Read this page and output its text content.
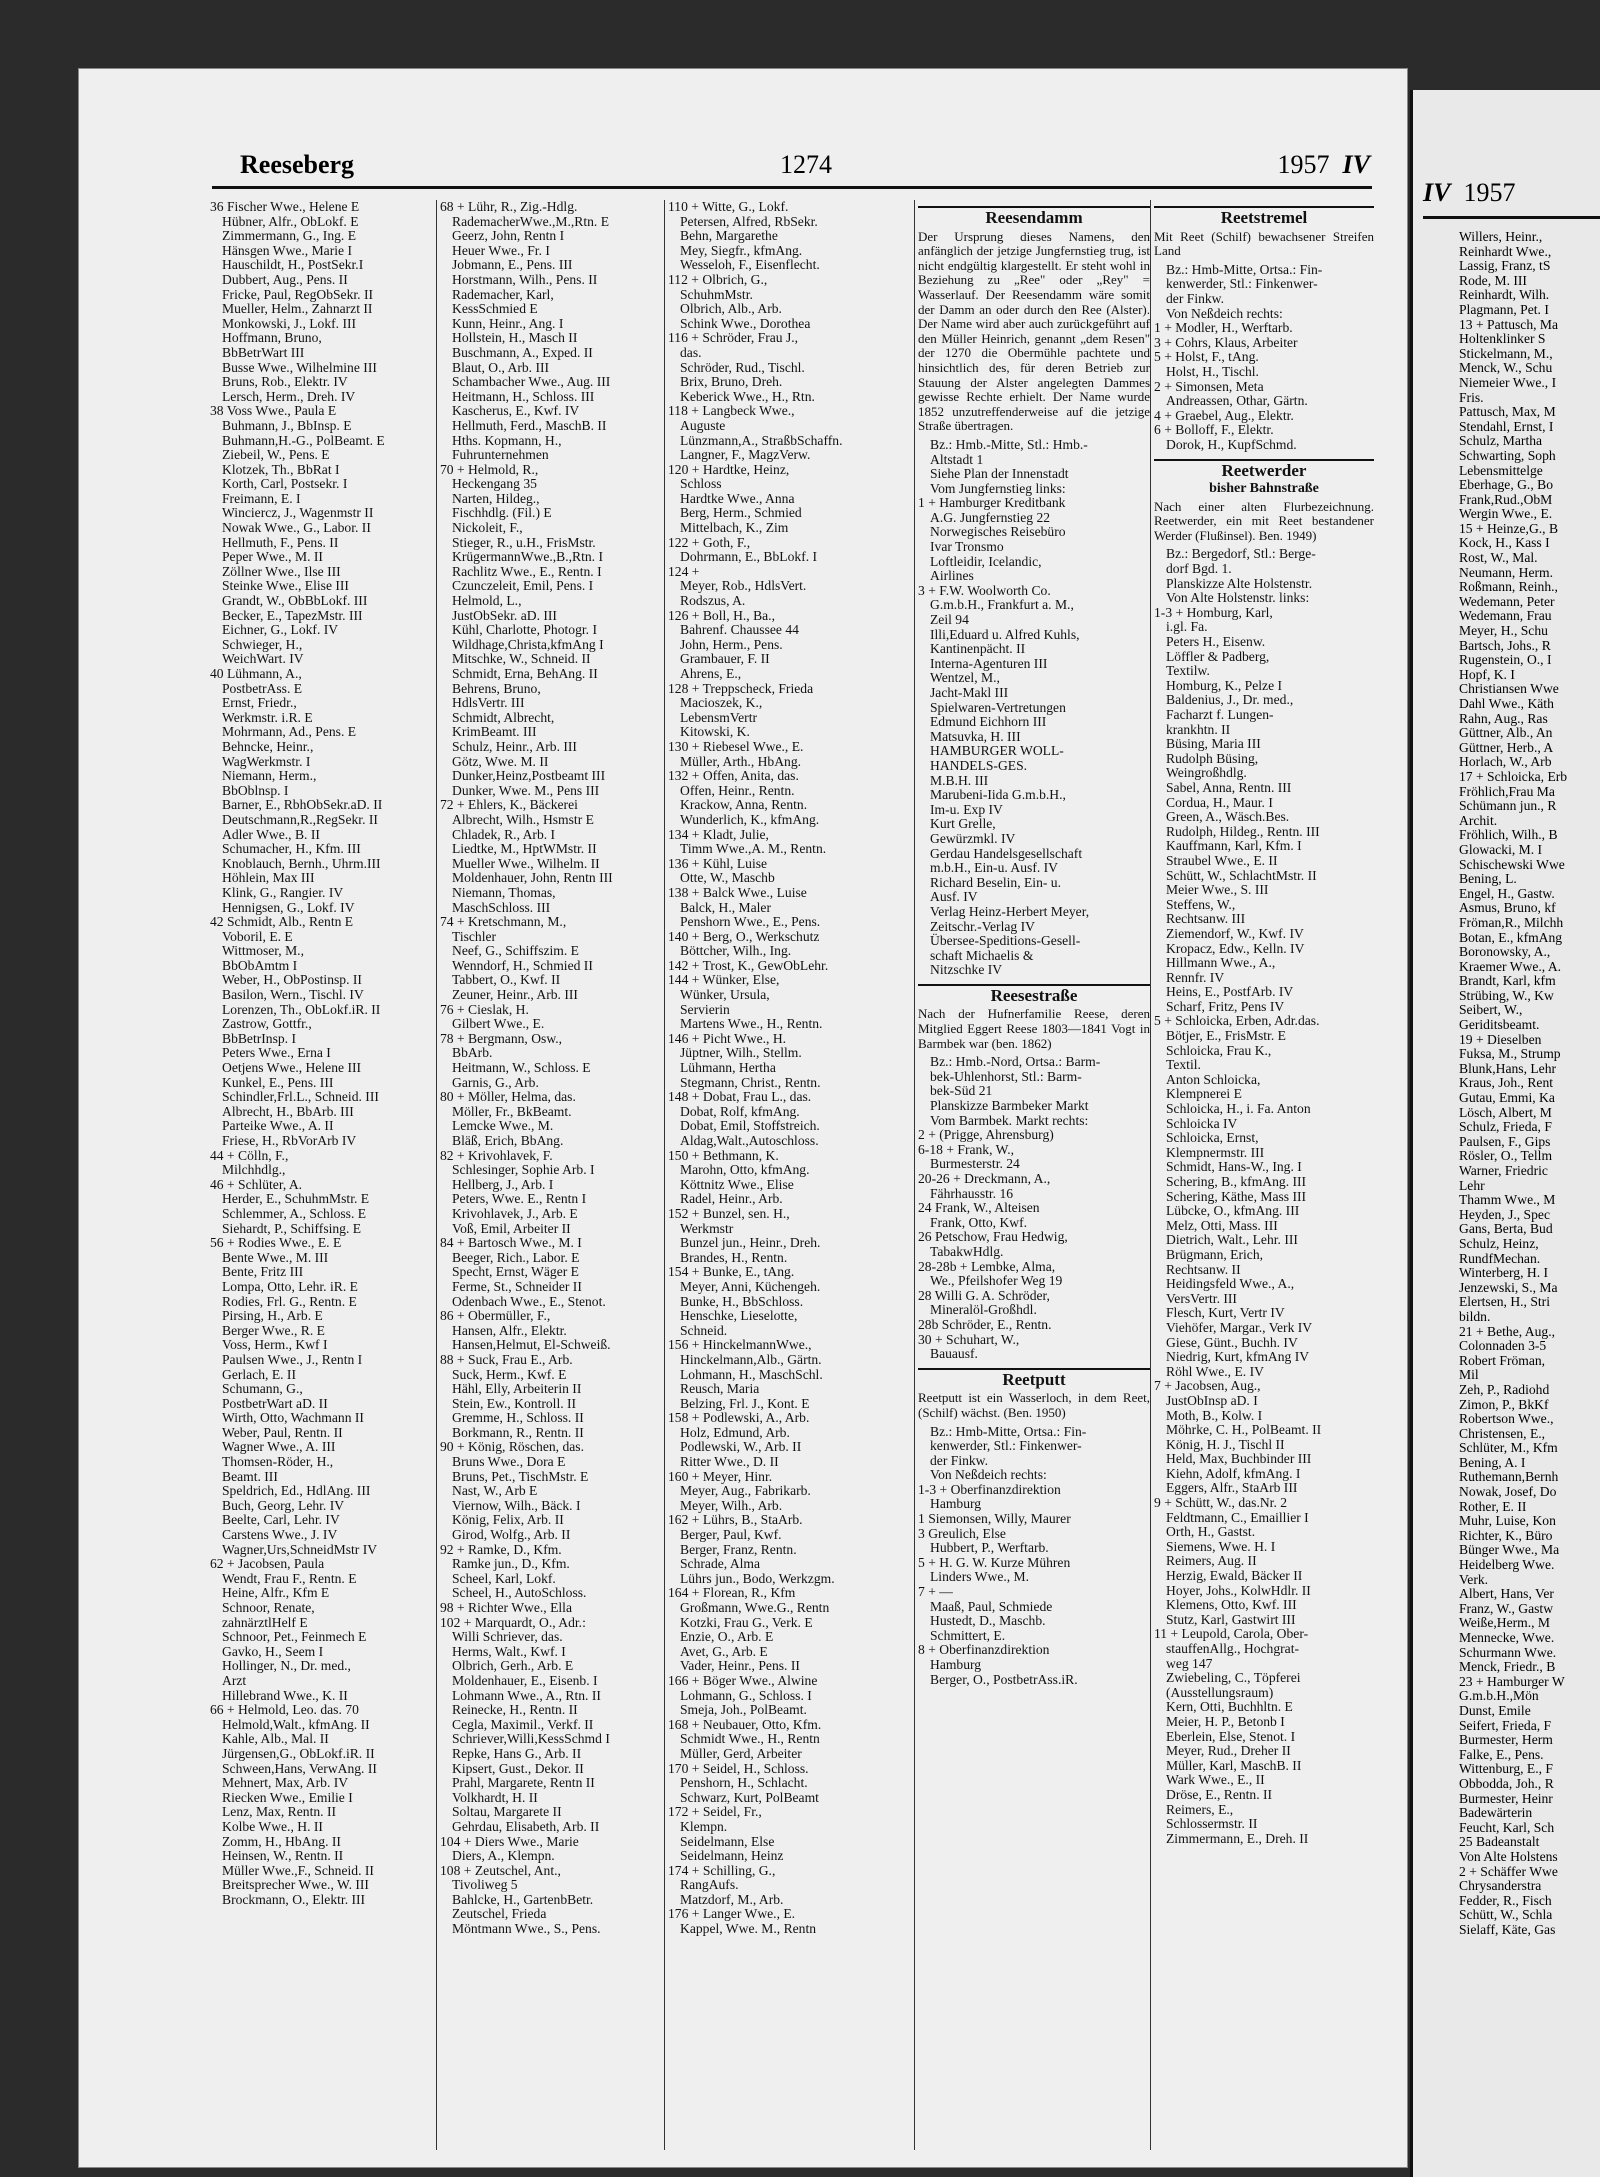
Reeseberg	1274	1957 IV
36 Fischer Wwe., Helene E
Hübner, Alfr., ObLokf. E
Zimmermann, G., Ing. E
Hänsgen Wwe., Marie I
Hauschildt, H., PostSekr.I
Dubbert, Aug., Pens. II
Fricke, Paul, RegObSekr. II
Mueller, Helm., Zahnarzt II
Monkowski, J., Lokf. III
Hoffmann, Bruno,
BbBetrWart III
Busse Wwe., Wilhelmine III
Bruns, Rob., Elektr. IV
Lersch, Herm., Dreh. IV
38 Voss Wwe., Paula E
Buhmann, J., BbInsp. E
Buhmann,H.-G., PolBeamt. E
Ziebeil, W., Pens. E
Klotzek, Th., BbRat I
Korth, Carl, Postsekr. I
Freimann, E. I
Winciercz, J., Wagenmstr II
Nowak Wwe., G., Labor. II
Hellmuth, F., Pens. II
Peper Wwe., M. II
Zöllner Wwe., Ilse III
Steinke Wwe., Elise III
Grandt, W., ObBbLokf. III
Becker, E., TapezMstr. III
Eichner, G., Lokf. IV
Schwieger, H.,
WeichWart. IV
40 Lühmann, A.,
PostbetrAss. E
Ernst, Friedr.,
Werkmstr. i.R. E
Mohrmann, Ad., Pens. E
Behncke, Heinr.,
WagWerkmstr. I
Niemann, Herm.,
BbOblnsp. I
Barner, E., RbhObSekr.aD. II
Deutschmann,R.,RegSekr. II
Adler Wwe., B. II
Schumacher, H., Kfm. III
Knoblauch, Bernh., Uhrm.III
Höhlein, Max III
Klink, G., Rangier. IV
Hennigsen, G., Lokf. IV
42 Schmidt, Alb., Rentn E
Voboril, E. E
Wittmoser, M.,
BbObAmtm I
Weber, H., ObPostinsp. II
Basilon, Wern., Tischl. IV
Lorenzen, Th., ObLokf.iR. II
Zastrow, Gottfr.,
BbBetrInsp. I
Peters Wwe., Erna I
Oetjens Wwe., Helene III
Kunkel, E., Pens. III
Schindler,Frl.L., Schneid. III
Albrecht, H., BbArb. III
Parteike Wwe., A. II
Friese, H., RbVorArb IV
44 + Cölln, F.,
Milchhdlg.,
46 + Schlüter, A.
Herder, E., SchuhmMstr. E
Schlemmer, A., Schloss. E
Siehardt, P., Schiffsing. E
56 + Rodies Wwe., E. E
Bente Wwe., M. III
Bente, Fritz III
Lompa, Otto, Lehr. iR. E
Rodies, Frl. G., Rentn. E
Pirsing, H., Arb. E
Berger Wwe., R. E
Voss, Herm., Kwf I
Paulsen Wwe., J., Rentn I
Gerlach, E. II
Schumann, G.,
PostbetrWart aD. II
Wirth, Otto, Wachmann II
Weber, Paul, Rentn. II
Wagner Wwe., A. III
Thomsen-Röder, H.,
Beamt. III
Speldrich, Ed., HdlAng. III
Buch, Georg, Lehr. IV
Beelte, Carl, Lehr. IV
Carstens Wwe., J. IV
Wagner,Urs,SchneidMstr IV
62 + Jacobsen, Paula
Wendt, Frau F., Rentn. E
Heine, Alfr., Kfm E
Schnoor, Renate,
zahnärztlHelf E
Schnoor, Pet., Feinmech E
Gavko, H., Seem I
Hollinger, N., Dr. med.,
Arzt
Hillebrand Wwe., K. II
66 + Helmold, Leo. das. 70
Helmold,Walt., kfmAng. II
Kahle, Alb., Mal. II
Jürgensen,G., ObLokf.iR. II
Schween,Hans, VerwAng. II
Mehnert, Max, Arb. IV
Riecken Wwe., Emilie I
Lenz, Max, Rentn. II
Kolbe Wwe., H. II
Zomm, H., HbAng. II
Heinsen, W., Rentn. II
Müller Wwe.,F., Schneid. II
Breitsprecher Wwe., W. III
Brockmann, O., Elektr. III
68 + Lühr, R., Zig.-Hdlg.
RademacherWwe.,M.,Rtn. E
Geerz, John, Rentn I
Heuer Wwe., Fr. I
Jobmann, E., Pens. III
Horstmann, Wilh., Pens. II
Rademacher, Karl,
KessSchmied E
Kunn, Heinr., Ang. I
Hollstein, H., Masch II
Buschmann, A., Exped. II
Blaut, O., Arb. III
Schambacher Wwe., Aug. III
Heitmann, H., Schloss. III
Kascherus, E., Kwf. IV
Hellmuth, Ferd., MaschB. II
Hths. Kopmann, H.,
Fuhrunternehmen
70 + Helmold, R.,
Heckengang 35
Narten, Hildeg.,
Fischhdlg. (Fil.) E
Nickoleit, F.,
Stieger, R., u.H., FrisMstr.
KrügermannWwe.,B.,Rtn. I
Rachlitz Wwe., E., Rentn. I
Czunczeleit, Emil, Pens. I
Helmold, L.,
JustObSekr. aD. III
Kühl, Charlotte, Photogr. I
Wildhage,Christa,kfmAng I
Mitschke, W., Schneid. II
Schmidt, Erna, BehAng. II
Behrens, Bruno,
HdlsVertr. III
Schmidt, Albrecht,
KrimBeamt. III
Schulz, Heinr., Arb. III
Götz, Wwe. M. II
Dunker,Heinz,Postbeamt III
Dunker, Wwe. M., Pens III
72 + Ehlers, K., Bäckerei
Albrecht, Wilh., Hsmstr E
Chladek, R., Arb. I
Liedtke, M., HptWMstr. II
Mueller Wwe., Wilhelm. II
Moldenhauer, John, Rentn III
Niemann, Thomas,
MaschSchloss. III
74 + Kretschmann, M.,
Tischler
Neef, G., Schiffszim. E
Wenndorf, H., Schmied II
Tabbert, O., Kwf. II
Zeuner, Heinr., Arb. III
76 + Cieslak, H.
Gilbert Wwe., E.
78 + Bergmann, Osw.,
BbArb.
Heitmann, W., Schloss. E
Garnis, G., Arb.
80 + Möller, Helma, das.
Möller, Fr., BkBeamt.
Lemcke Wwe., M.
Bläß, Erich, BbAng.
82 + Krivohlavek, F.
Schlesinger, Sophie Arb. I
Hellberg, J., Arb. I
Peters, Wwe. E., Rentn I
Krivohlavek, J., Arb. E
Voß, Emil, Arbeiter II
84 + Bartosch Wwe., M. I
Beeger, Rich., Labor. E
Specht, Ernst, Wäger E
Ferme, St., Schneider II
Odenbach Wwe., E., Stenot.
86 + Obermüller, F.,
Hansen, Alfr., Elektr.
Hansen,Helmut, El-Schweiß.
88 + Suck, Frau E., Arb.
Suck, Herm., Kwf. E
Hähl, Elly, Arbeiterin II
Stein, Ew., Kontroll. II
Gremme, H., Schloss. II
Borkmann, R., Rentn. II
90 + König, Röschen, das.
Bruns Wwe., Dora E
Bruns, Pet., TischMstr. E
Nast, W., Arb E
Viernow, Wilh., Bäck. I
König, Felix, Arb. II
Girod, Wolfg., Arb. II
92 + Ramke, D., Kfm.
Ramke jun., D., Kfm.
Scheel, Karl, Lokf.
Scheel, H., AutoSchloss.
98 + Richter Wwe., Ella
102 + Marquardt, O., Adr.:
Willi Schriever, das.
Herms, Walt., Kwf. I
Olbrich, Gerh., Arb. E
Moldenhauer, E., Eisenb. I
Lohmann Wwe., A., Rtn. II
Reinecke, H., Rentn. II
Cegla, Maximil., Verkf. II
Schriever,Willi,KessSchmd I
Repke, Hans G., Arb. II
Kipsert, Gust., Dekor. II
Prahl, Margarete, Rentn II
Volkhardt, H. II
Soltau, Margarete II
Gehrdau, Elisabeth, Arb. II
104 + Diers Wwe., Marie
Diers, A., Klempn.
108 + Zeutschel, Ant.,
Tivoliweg 5
Bahlcke, H., GartenbBetr.
Zeutschel, Frieda
Möntmann Wwe., S., Pens.
110 + Witte, G., Lokf.
Petersen, Alfred, RbSekr.
Behn, Margarethe
Mey, Siegfr., kfmAng.
Wesseloh, F., Eisenflecht.
112 + Olbrich, G.,
SchuhmMstr.
Olbrich, Alb., Arb.
Schink Wwe., Dorothea
116 + Schröder, Frau J.,
das.
Schröder, Rud., Tischl.
Brix, Bruno, Dreh.
Keberick Wwe., H., Rtn.
118 + Langbeck Wwe.,
Auguste
Lünzmann,A., StraßbSchaffn.
Langner, F., MagzVerw.
120 + Hardtke, Heinz,
Schloss
Hardtke Wwe., Anna
Berg, Herm., Schmied
Mittelbach, K., Zim
122 + Goth, F.,
Dohrmann, E., BbLokf. I
124 +
Meyer, Rob., HdlsVert.
Rodszus, A.
126 + Boll, H., Ba.,
Bahrenf. Chaussee 44
John, Herm., Pens.
Grambauer, F. II
Ahrens, E.,
128 + Treppscheck, Frieda
Macioszek, K.,
LebensmVertr
Kitowski, K.
130 + Riebesel Wwe., E.
Müller, Arth., HbAng.
132 + Offen, Anita, das.
Offen, Heinr., Rentn.
Krackow, Anna, Rentn.
Wunderlich, K., kfmAng.
134 + Kladt, Julie,
Timm Wwe.,A. M., Rentn.
136 + Kühl, Luise
Otte, W., Maschb
138 + Balck Wwe., Luise
Balck, H., Maler
Penshorn Wwe., E., Pens.
140 + Berg, O., Werkschutz
Böttcher, Wilh., Ing.
142 + Trost, K., GewObLehr.
144 + Wünker, Else,
Wünker, Ursula,
Servierin
Martens Wwe., H., Rentn.
146 + Picht Wwe., H.
Jüptner, Wilh., Stellm.
Lühmann, Hertha
Stegmann, Christ., Rentn.
148 + Dobat, Frau L., das.
Dobat, Rolf, kfmAng.
Dobat, Emil, Stoffstreich.
Aldag,Walt.,Autoschloss.
150 + Bethmann, K.
Marohn, Otto, kfmAng.
Köttnitz Wwe., Elise
Radel, Heinr., Arb.
152 + Bunzel, sen. H.,
Werkmstr
Bunzel jun., Heinr., Dreh.
Brandes, H., Rentn.
154 + Bunke, E., tAng.
Meyer, Anni, Küchengeh.
Bunke, H., BbSchloss.
Henschke, Lieselotte,
Schneid.
156 + HinckelmannWwe.,
Hinckelmann,Alb., Gärtn.
Lohmann, H., MaschSchl.
Reusch, Maria
Belzing, Frl. J., Kont. E
158 + Podlewski, A., Arb.
Holz, Edmund, Arb.
Podlewski, W., Arb. II
Ritter Wwe., D. II
160 + Meyer, Hinr.
Meyer, Aug., Fabrikarb.
Meyer, Wilh., Arb.
162 + Lührs, B., StaArb.
Berger, Paul, Kwf.
Berger, Franz, Rentn.
Schrade, Alma
Lührs jun., Bodo, Werkzgm.
164 + Florean, R., Kfm
Großmann, Wwe.G., Rentn
Kotzki, Frau G., Verk. E
Enzie, O., Arb. E
Avet, G., Arb. E
Vader, Heinr., Pens. II
166 + Böger Wwe., Alwine
Lohmann, G., Schloss. I
Smeja, Joh., PolBeamt.
168 + Neubauer, Otto, Kfm.
Schmidt Wwe., H., Rentn
Müller, Gerd, Arbeiter
170 + Seidel, H., Schloss.
Penshorn, H., Schlacht.
Schwarz, Kurt, PolBeamt
172 + Seidel, Fr.,
Klempn.
Seidelmann, Else
Seidelmann, Heinz
174 + Schilling, G.,
RangAufs.
Matzdorf, M., Arb.
176 + Langer Wwe., E.
Kappel, Wwe. M., Rentn
Reesendamm
Der Ursprung dieses Namens, den anfänglich der jetzige Jungfernstieg trug, ist nicht endgültig klargestellt. Er steht wohl in Beziehung zu „Ree" oder „Rey" = Wasserlauf. Der Reesendamm wäre somit der Damm an oder durch den Ree (Alster). Der Name wird aber auch zurückgeführt auf den Müller Heinrich, genannt „dem Resen" der 1270 die Obermühle pachtete und hinsichtlich des, für deren Betrieb zur Stauung der Alster angelegten Dammes gewisse Rechte erhielt. Der Name wurde 1852 unzutreffenderweise auf die jetzige Straße übertragen.
Bz.: Hmb.-Mitte, Stl.: Hmb.-
Altstadt 1
Siehe Plan der Innenstadt
Vom Jungfernstieg links:
1 + Hamburger Kreditbank
A.G. Jungfernstieg 22
Norwegisches Reisebüro
Ivar Tronsmo
Loftleidir, Icelandic,
Airlines
3 + F.W. Woolworth Co.
G.m.b.H., Frankfurt a. M.,
Zeil 94
Illi,Eduard u. Alfred Kuhls,
Kantinenpächt. II
Interna-Agenturen III
Wentzel, M.,
Jacht-Makl III
Spielwaren-Vertretungen
Edmund Eichhorn III
Matsuvka, H. III
HAMBURGER WOLL-
HANDELS-GES.
M.B.H. III
Marubeni-Iida G.m.b.H.,
Im-u. Exp IV
Kurt Grelle,
Gewürzmkl. IV
Gerdau Handelsgesellschaft
m.b.H., Ein-u. Ausf. IV
Richard Beselin, Ein- u.
Ausf. IV
Verlag Heinz-Herbert Meyer,
Zeitschr.-Verlag IV
Übersee-Speditions-Gesell-
schaft Michaelis &
Nitzschke IV
Reesestraße
Nach der Hufnerfamilie Reese, deren Mitglied Eggert Reese 1803—1841 Vogt in Barmbek war (ben. 1862)
Bz.: Hmb.-Nord, Ortsa.: Barm-
bek-Uhlenhorst, Stl.: Barm-
bek-Süd 21
Planskizze Barmbeker Markt
Vom Barmbek. Markt rechts:
2 + (Prigge, Ahrensburg)
6-18 + Frank, W.,
Burmesterstr. 24
20-26 + Dreckmann, A.,
Fährhausstr. 16
24 Frank, W., Alteisen
Frank, Otto, Kwf.
26 Petschow, Frau Hedwig,
TabakwHdlg.
28-28b + Lembke, Alma,
We., Pfeilshofer Weg 19
28 Willi G. A. Schröder,
Mineralöl-Großhdl.
28b Schröder, E., Rentn.
30 + Schuhart, W.,
Bauausf.
Reetputt
Reetputt ist ein Wasserloch, in dem Reet, (Schilf) wächst. (Ben. 1950)
Bz.: Hmb-Mitte, Ortsa.: Fin-
kenwerder, Stl.: Finkenwer-
der Finkw.
Von Neßdeich rechts:
1-3 + Oberfinanzdirektion
Hamburg
1 Siemonsen, Willy, Maurer
3 Greulich, Else
Hubbert, P., Werftarb.
5 + H. G. W. Kurze Mühren
Linders Wwe., M.
7 + —
Maaß, Paul, Schmiede
Hustedt, D., Maschb.
Schmittert, E.
8 + Oberfinanzdirektion
Hamburg
Berger, O., PostbetrAss.iR.
Reetstremel
Mit Reet (Schilf) bewachsener Streifen Land
Bz.: Hmb-Mitte, Ortsa.: Fin-
kenwerder, Stl.: Finkenwer-
der Finkw.
Von Neßdeich rechts:
1 + Modler, H., Werftarb.
3 + Cohrs, Klaus, Arbeiter
5 + Holst, F., tAng.
Holst, H., Tischl.
2 + Simonsen, Meta
Andreassen, Othar, Gärtn.
4 + Graebel, Aug., Elektr.
6 + Bolloff, F., Elektr.
Dorok, H., KupfSchmd.
Reetwerder
bisher Bahnstraße
Nach einer alten Flurbezeichnung. Reetwerder, ein mit Reet bestandener Werder (Flußinsel). Ben. 1949)
Bz.: Bergedorf, Stl.: Berge-
dorf Bgd. 1.
Planskizze Alte Holstenstr.
Von Alte Holstenstr. links:
1-3 + Homburg, Karl,
i.gl. Fa.
Peters H., Eisenw.
Löffler & Padberg,
Textilw.
Homburg, K., Pelze I
Baldenius, J., Dr. med.,
Facharzt f. Lungen-
krankhtn. II
Büsing, Maria III
Rudolph Büsing,
Weingroßhdlg.
Sabel, Anna, Rentn. III
Cordua, H., Maur. I
Green, A., Wäsch.Bes.
Rudolph, Hildeg., Rentn. III
Kauffmann, Karl, Kfm. I
Straubel Wwe., E. II
Schütt, W., SchlachtMstr. II
Meier Wwe., S. III
Steffens, W.,
Rechtsanw. III
Ziemendorf, W., Kwf. IV
Kropacz, Edw., Kelln. IV
Hillmann Wwe., A.,
Rennfr. IV
Heins, E., PostfArb. IV
Scharf, Fritz, Pens IV
5 + Schloicka, Erben, Adr.das.
Bötjer, E., FrisMstr. E
Schloicka, Frau K.,
Textil.
Anton Schloicka,
Klempnerei E
Schloicka, H., i. Fa. Anton
Schloicka IV
Schloicka, Ernst,
Klempnermstr. III
Schmidt, Hans-W., Ing. I
Schering, B., kfmAng. III
Schering, Käthe, Mass III
Lübcke, O., kfmAng. III
Melz, Otti, Mass. III
Dietrich, Walt., Lehr. III
Brügmann, Erich,
Rechtsanw. II
Heidingsfeld Wwe., A.,
VersVertr. III
Flesch, Kurt, Vertr IV
Viehöfer, Margar., Verk IV
Giese, Günt., Buchh. IV
Niedrig, Kurt, kfmAng IV
Röhl Wwe., E. IV
7 + Jacobsen, Aug.,
JustObInsp aD. I
Moth, B., Kolw. I
Möhrke, C. H., PolBeamt. II
König, H. J., Tischl II
Held, Max, Buchbinder III
Kiehn, Adolf, kfmAng. I
Eggers, Alfr., StaArb III
9 + Schütt, W., das.Nr. 2
Feldtmann, C., Emaillier I
Orth, H., Gastst.
Siemens, Wwe. H. I
Reimers, Aug. II
Herzig, Ewald, Bäcker II
Hoyer, Johs., KolwHdlr. II
Klemens, Otto, Kwf. III
Stutz, Karl, Gastwirt III
11 + Leupold, Carola, Ober-
stauffenAllg., Hochgrat-
weg 147
Zwiebeling, C., Töpferei
(Ausstellungsraum)
Kern, Otti, Buchhltn. E
Meier, H. P., Betonb I
Eberlein, Else, Stenot. I
Meyer, Rud., Dreher II
Müller, Karl, MaschB. II
Wark Wwe., E., II
Dröse, E., Rentn. II
Reimers, E.,
Schlossermstr. II
Zimmermann, E., Dreh. II
IV 1957
Willers, Heinr.,
Reinhardt Wwe.,
Lassig, Franz, tS
Rode, M. III
Reinhardt, Wilh.
Plagmann, Pet. I
13 + Pattusch, Ma
Holtenklinker S
Stickelmann, M.,
Menck, W., Schu
Niemeier Wwe., I
Fris.
Pattusch, Max, M
Stendahl, Ernst, I
Schulz, Martha
Schwarting, Soph
Lebensmittelge
Eberhage, G., Bo
Frank,Rud.,ObM
Wergin Wwe., E.
15 + Heinze,G., B
Kock, H., Kass I
Rost, W., Mal.
Neumann, Herm.
Roßmann, Reinh.,
Wedemann, Peter
Wedemann, Frau
Meyer, H., Schu
Bartsch, Johs., R
Rugenstein, O., I
Hopf, K. I
Christiansen Wwe
Dahl Wwe., Käth
Rahn, Aug., Ras
Güttner, Alb., An
Güttner, Herb., A
Horlach, W., Arb
17 + Schloicka, Erb
Fröhlich,Frau Ma
Schümann jun., R
Archit.
Fröhlich, Wilh., B
Glowacki, M. I
Schischewski Wwe
Bening, L.
Engel, H., Gastw.
Asmus, Bruno, kf
Fröman,R., Milchh
Botan, E., kfmAng
Boronowsky, A.,
Kraemer Wwe., A.
Brandt, Karl, kfm
Strübing, W., Kw
Seibert, W.,
Geriditsbeamt.
19 + Dieselben
Fuksa, M., Strump
Blunk,Hans, Lehr
Kraus, Joh., Rent
Gutau, Emmi, Ka
Lösch, Albert, M
Schulz, Frieda, F
Paulsen, F., Gips
Rösler, O., Tellm
Warner, Friedric
Lehr
Thamm Wwe., M
Heyden, J., Spec
Gans, Berta, Bud
Schulz, Heinz,
RundfMechan.
Winterberg, H. I
Jenzewski, S., Ma
Elertsen, H., Stri
bildn.
21 + Bethe, Aug.,
Colonnaden 3-5
Robert Fröman,
Mil
Zeh, P., Radiohd
Zimon, P., BkKf
Robertson Wwe.,
Christensen, E.,
Schlüter, M., Kfm
Bening, A. I
Ruthemann,Bernh
Nowak, Josef, Do
Rother, E. II
Muhr, Luise, Kon
Richter, K., Büro
Bünger Wwe., Ma
Heidelberg Wwe.
Verk.
Albert, Hans, Ver
Franz, W., Gastw
Weiße,Herm., M
Mennecke, Wwe.
Schurmann Wwe.
Menck, Friedr., B
23 + Hamburger W
G.m.b.H.,Mön
Dunst, Emile
Seifert, Frieda, F
Burmester, Herm
Falke, E., Pens.
Wittenburg, E., F
Obbodda, Joh., R
Burmester, Heinr
Badewärterin
Feucht, Karl, Sch
25 Badeanstalt
Von Alte Holstens
2 + Schäffer Wwe
Chrysanderstra
Fedder, R., Fisch
Schütt, W., Schla
Sielaff, Käte, Gas
